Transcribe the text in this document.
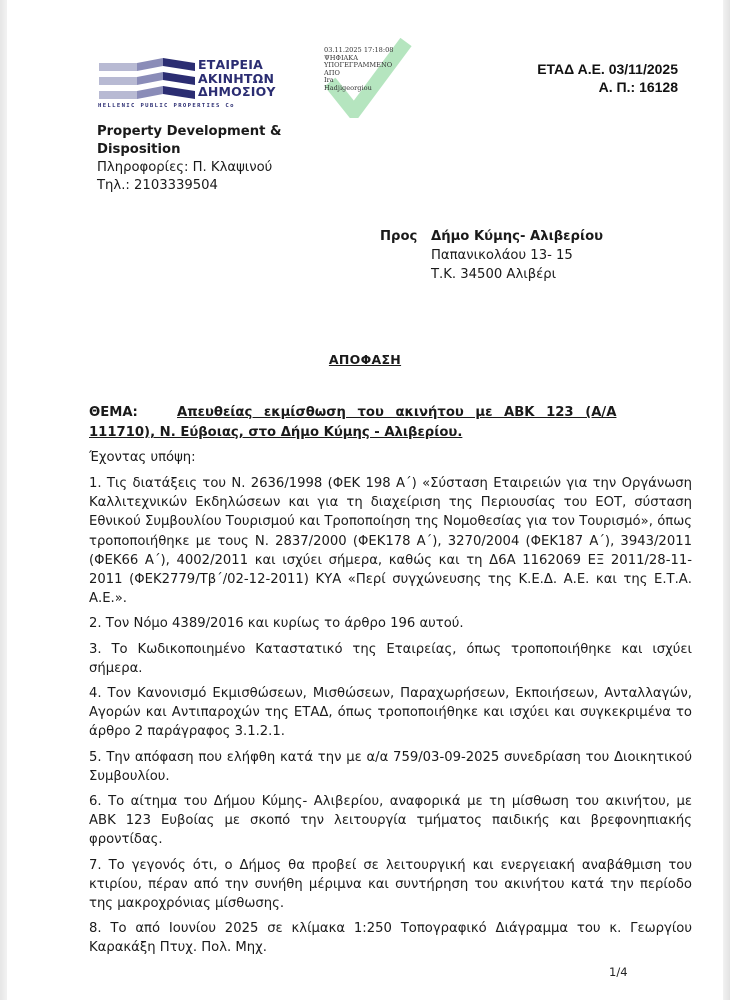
ΕΤΑΙΡΕΙΑ
ΑΚΙΝΗΤΩΝ
ΔΗΜΟΣΙΟΥ
HELLENIC PUBLIC PROPERTIES Co
03.11.2025 17:18:08
ΨΗΦΙΑΚΑ
ΥΠΟΓΕΓΡΑΜΜΕΝΟ
ΑΠΟ
Ira
Hadjigeorgiou
ΕΤΑΔ Α.Ε. 03/11/2025
Α. Π.: 16128
Property Development &
Disposition
Πληροφορίες: Π. Κλαψινού
Τηλ.: 2103339504
Προς Δήμο Κύμης- Αλιβερίου
Παπανικολάου 13- 15
Τ.Κ. 34500 Αλιβέρι
ΑΠΟΦΑΣΗ
ΘΕΜΑ:	Απευθείας εκμίσθωση του ακινήτου με ΑΒΚ 123 (Α/Α
111710), Ν. Εύβοιας, στο Δήμο Κύμης - Αλιβερίου.
Έχοντας υπόψη:

1. Τις διατάξεις του Ν. 2636/1998 (ΦΕΚ 198 Α΄) «Σύσταση Εταιρειών για την Οργάνωση Καλλιτεχνικών Εκδηλώσεων και για τη διαχείριση της Περιουσίας του ΕΟΤ, σύσταση Εθνικού Συμβουλίου Τουρισμού και Τροποποίηση της Νομοθεσίας για τον Τουρισμό», όπως τροποποιήθηκε με τους Ν. 2837/2000 (ΦΕΚ178 Α΄), 3270/2004 (ΦΕΚ187 Α΄), 3943/2011 (ΦΕΚ66 Α΄), 4002/2011 και ισχύει σήμερα, καθώς και τη Δ6Α 1162069 ΕΞ 2011/28-11-2011 (ΦΕΚ2779/Τβ΄/02-12-2011) ΚΥΑ «Περί συγχώνευσης της Κ.Ε.Δ. Α.Ε. και της Ε.Τ.Α. Α.Ε.».

2. Τον Νόμο 4389/2016 και κυρίως το άρθρο 196 αυτού.

3. Το Κωδικοποιημένο Καταστατικό της Εταιρείας, όπως τροποποιήθηκε και ισχύει σήμερα.

4. Τον Κανονισμό Εκμισθώσεων, Μισθώσεων, Παραχωρήσεων, Εκποιήσεων, Ανταλλαγών, Αγορών και Αντιπαροχών της ΕΤΑΔ, όπως τροποποιήθηκε και ισχύει και συγκεκριμένα το άρθρο 2 παράγραφος 3.1.2.1.

5. Την απόφαση που ελήφθη κατά την με α/α 759/03-09-2025 συνεδρίαση του Διοικητικού Συμβουλίου.

6. Το αίτημα του Δήμου Κύμης- Αλιβερίου, αναφορικά με τη μίσθωση του ακινήτου, με ΑΒΚ 123 Ευβοίας με σκοπό την λειτουργία τμήματος παιδικής και βρεφονηπιακής φροντίδας.

7. Το γεγονός ότι, ο Δήμος θα προβεί σε λειτουργική και ενεργειακή αναβάθμιση του κτιρίου, πέραν από την συνήθη μέριμνα και συντήρηση του ακινήτου κατά την περίοδο της μακροχρόνιας μίσθωσης.

8. Το από Ιουνίου 2025 σε κλίμακα 1:250 Τοπογραφικό Διάγραμμα του κ. Γεωργίου Καρακάξη Πτυχ. Πολ. Μηχ.

1/4
